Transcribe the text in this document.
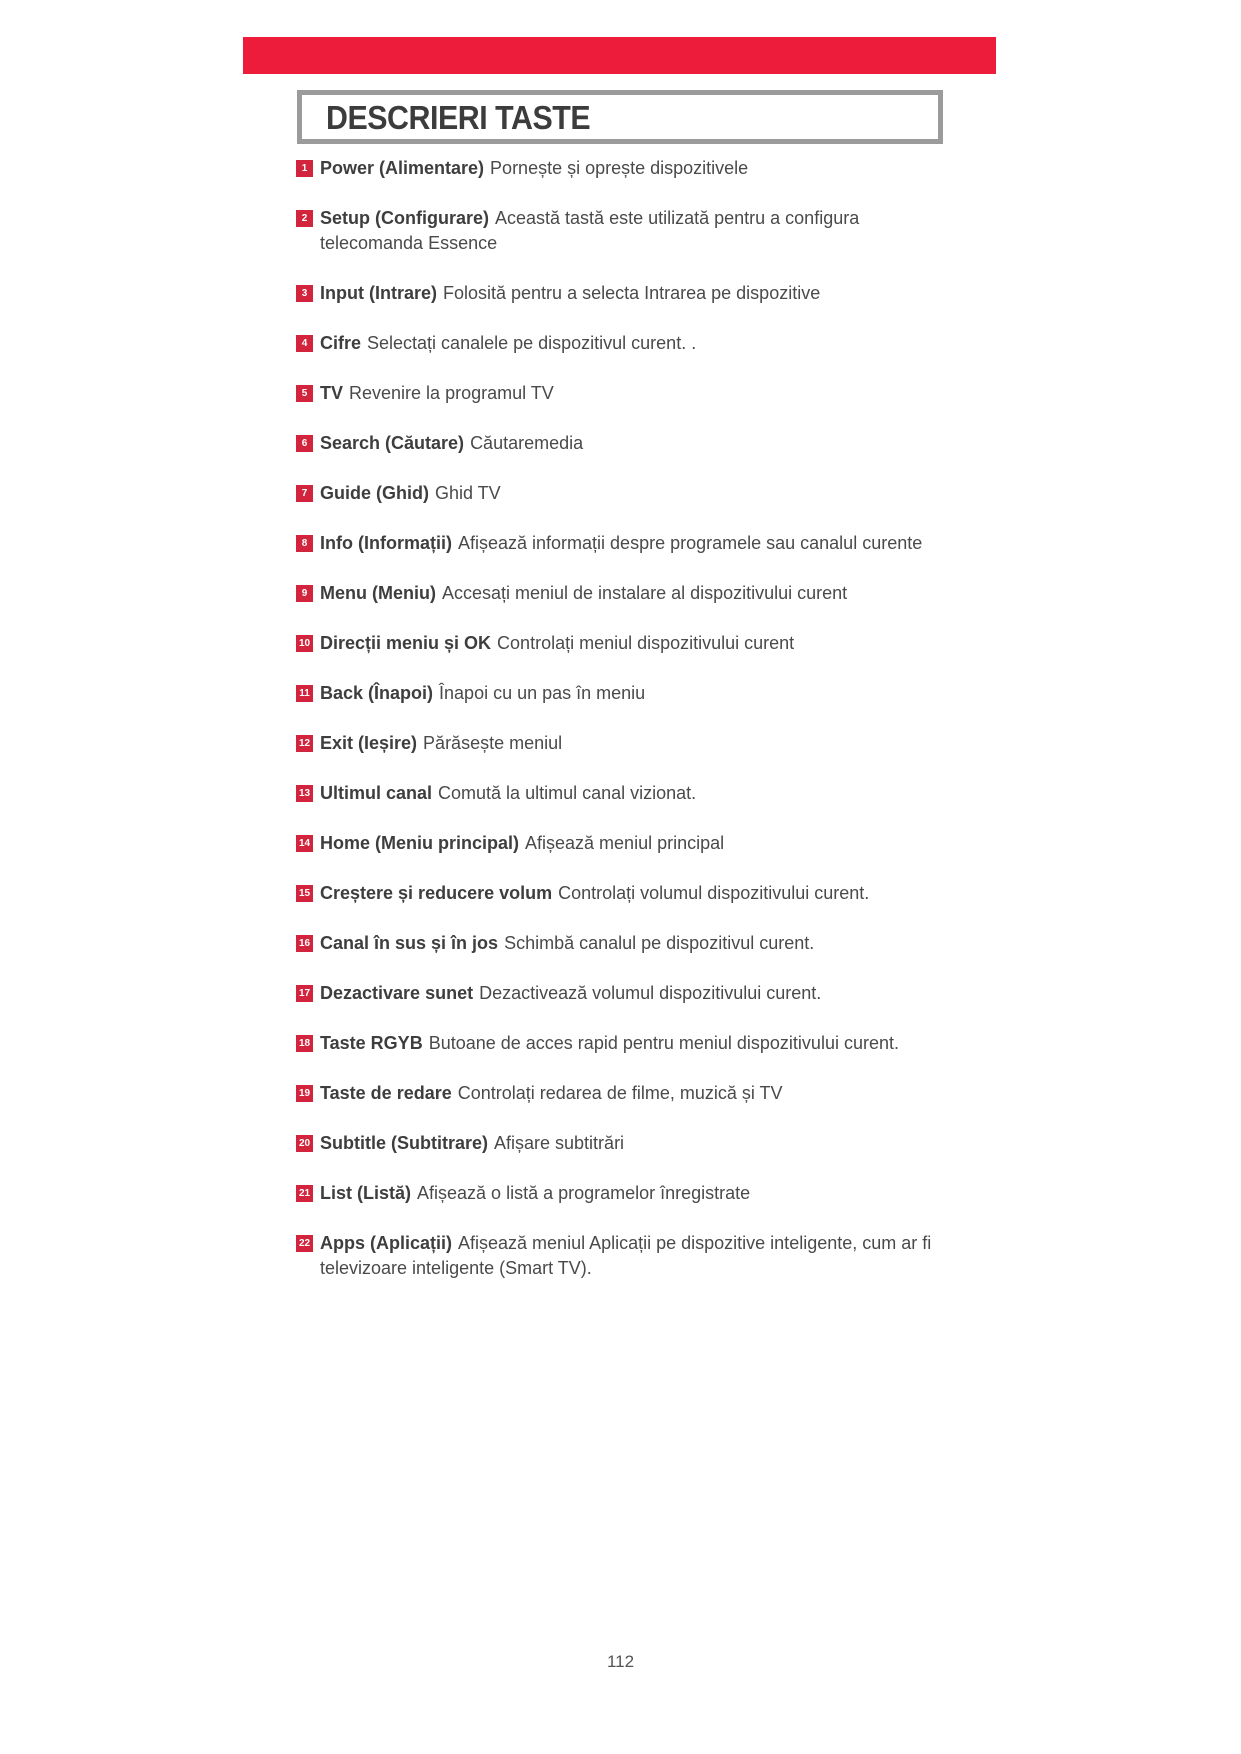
DESCRIERI TASTE
1 Power (Alimentare) Pornește și oprește dispozitivele
2 Setup (Configurare) Această tastă este utilizată pentru a configura telecomanda Essence
3 Input (Intrare) Folosită pentru a selecta Intrarea pe dispozitive
4 Cifre Selectați canalele pe dispozitivul curent. .
5 TV Revenire la programul TV
6 Search (Căutare) Căutaremedia
7 Guide (Ghid) Ghid TV
8 Info (Informații) Afișează informații despre programele sau canalul curente
9 Menu (Meniu) Accesați meniul de instalare al dispozitivului curent
10 Direcții meniu și OK Controlați meniul dispozitivului curent
11 Back (Înapoi) Înapoi cu un pas în meniu
12 Exit (Ieșire) Părăsește meniul
13 Ultimul canal Comută la ultimul canal vizionat.
14 Home (Meniu principal) Afișează meniul principal
15 Creștere și reducere volum Controlați volumul dispozitivului curent.
16 Canal în sus și în jos Schimbă canalul pe dispozitivul curent.
17 Dezactivare sunet Dezactivează volumul dispozitivului curent.
18 Taste RGYB Butoane de acces rapid pentru meniul dispozitivului curent.
19 Taste de redare Controlați redarea de filme, muzică și TV
20 Subtitle (Subtitrare) Afișare subtitrări
21 List (Listă) Afișează o listă a programelor înregistrate
22 Apps (Aplicații) Afișează meniul Aplicații pe dispozitive inteligente, cum ar fi televizoare inteligente (Smart TV).
112
